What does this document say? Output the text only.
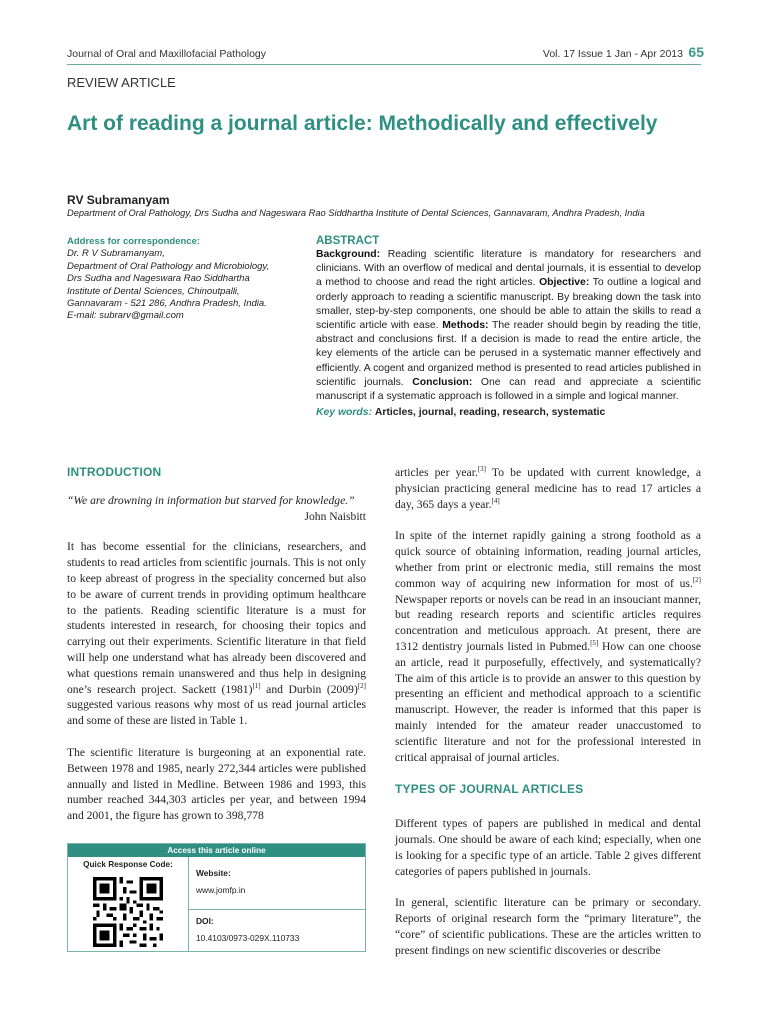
Journal of Oral and Maxillofacial Pathology	Vol. 17 Issue 1 Jan - Apr 2013 65
REVIEW ARTICLE
Art of reading a journal article: Methodically and effectively
RV Subramanyam
Department of Oral Pathology, Drs Sudha and Nageswara Rao Siddhartha Institute of Dental Sciences, Gannavaram, Andhra Pradesh, India
Address for correspondence:
Dr. R V Subramanyam,
Department of Oral Pathology and Microbiology,
Drs Sudha and Nageswara Rao Siddhartha
Institute of Dental Sciences, Chinoutpalli,
Gannavaram - 521 286, Andhra Pradesh, India.
E-mail: subrarv@gmail.com
ABSTRACT
Background: Reading scientific literature is mandatory for researchers and clinicians. With an overflow of medical and dental journals, it is essential to develop a method to choose and read the right articles. Objective: To outline a logical and orderly approach to reading a scientific manuscript. By breaking down the task into smaller, step-by-step components, one should be able to attain the skills to read a scientific article with ease. Methods: The reader should begin by reading the title, abstract and conclusions first. If a decision is made to read the entire article, the key elements of the article can be perused in a systematic manner effectively and efficiently. A cogent and organized method is presented to read articles published in scientific journals. Conclusion: One can read and appreciate a scientific manuscript if a systematic approach is followed in a simple and logical manner.
Key words: Articles, journal, reading, research, systematic
INTRODUCTION

“We are drowning in information but starved for knowledge.”

John Naisbitt

It has become essential for the clinicians, researchers, and students to read articles from scientific journals. This is not only to keep abreast of progress in the speciality concerned but also to be aware of current trends in providing optimum healthcare to the patients. Reading scientific literature is a must for students interested in research, for choosing their topics and carrying out their experiments. Scientific literature in that field will help one understand what has already been discovered and what questions remain unanswered and thus help in designing one’s research project. Sackett (1981)[1] and Durbin (2009)[2] suggested various reasons why most of us read journal articles and some of these are listed in Table 1.

The scientific literature is burgeoning at an exponential rate. Between 1978 and 1985, nearly 272,344 articles were published annually and listed in Medline. Between 1986 and 1993, this number reached 344,303 articles per year, and between 1994 and 2001, the figure has grown to 398,778

articles per year.[3] To be updated with current knowledge, a physician practicing general medicine has to read 17 articles a day, 365 days a year.[4]

In spite of the internet rapidly gaining a strong foothold as a quick source of obtaining information, reading journal articles, whether from print or electronic media, still remains the most common way of acquiring new information for most of us.[2] Newspaper reports or novels can be read in an insouciant manner, but reading research reports and scientific articles requires concentration and meticulous approach. At present, there are 1312 dentistry journals listed in Pubmed.[5] How can one choose an article, read it purposefully, effectively, and systematically? The aim of this article is to provide an answer to this question by presenting an efficient and methodical approach to a scientific manuscript. However, the reader is informed that this paper is mainly intended for the amateur reader unaccustomed to scientific literature and not for the professional interested in critical appraisal of journal articles.

TYPES OF JOURNAL ARTICLES

Different types of papers are published in medical and dental journals. One should be aware of each kind; especially, when one is looking for a specific type of an article. Table 2 gives different categories of papers published in journals.

In general, scientific literature can be primary or secondary. Reports of original research form the “primary literature”, the “core” of scientific publications. These are the articles written to present findings on new scientific discoveries or describe

Access this article online
Quick Response Code:
Website:
www.jomfp.in
DOI:
10.4103/0973-029X.110733
